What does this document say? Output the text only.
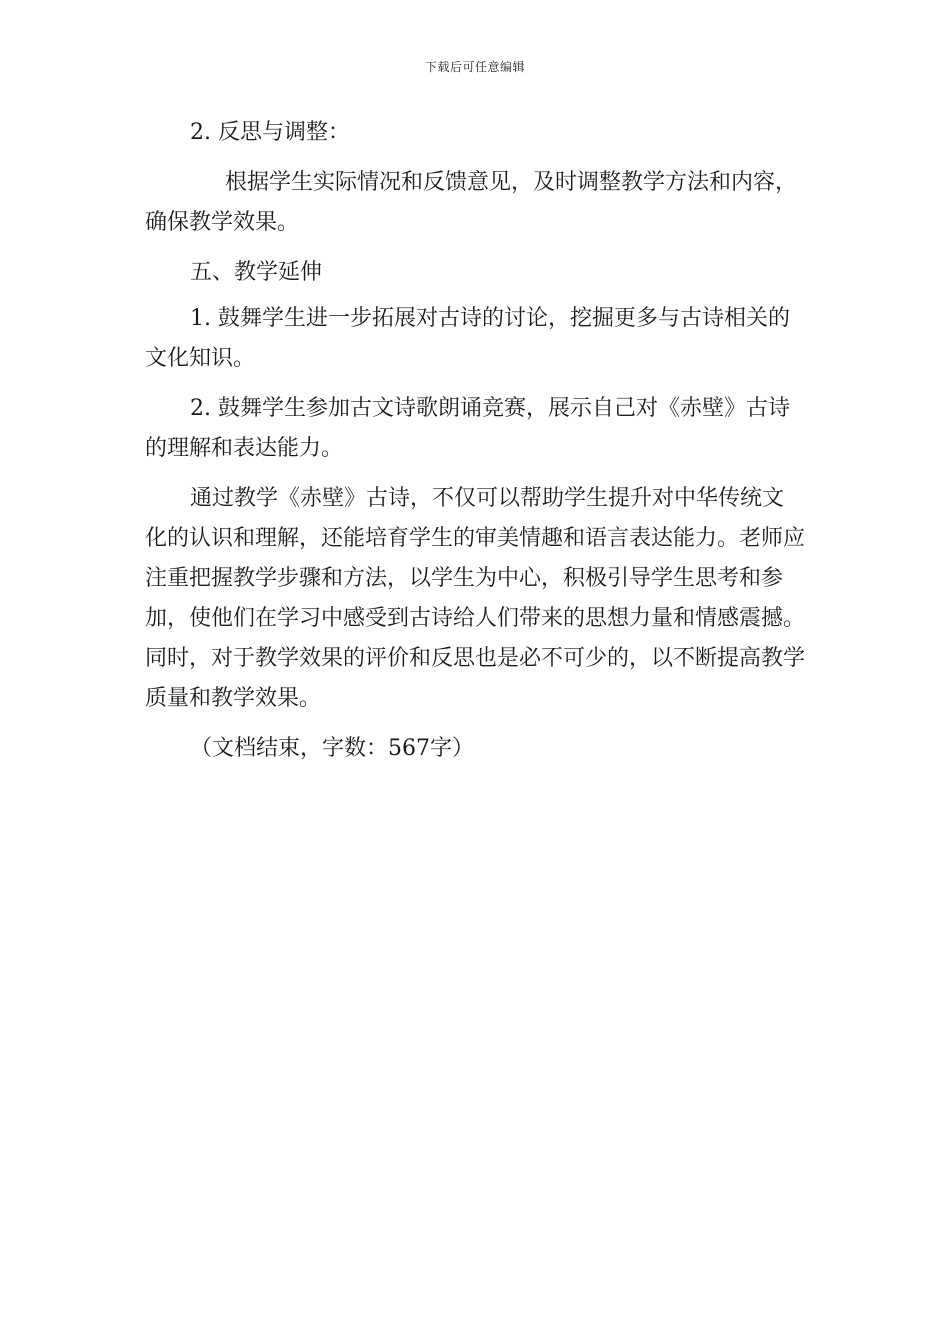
下载后可任意编辑

2. 反思与调整：

根据学生实际情况和反馈意见，及时调整教学方法和内容，确保教学效果。

五、教学延伸

1. 鼓舞学生进一步拓展对古诗的讨论，挖掘更多与古诗相关的文化知识。

2. 鼓舞学生参加古文诗歌朗诵竞赛，展示自己对《赤壁》古诗的理解和表达能力。

通过教学《赤壁》古诗，不仅可以帮助学生提升对中华传统文化的认识和理解，还能培育学生的审美情趣和语言表达能力。老师应注重把握教学步骤和方法，以学生为中心，积极引导学生思考和参加，使他们在学习中感受到古诗给人们带来的思想力量和情感震撼。同时，对于教学效果的评价和反思也是必不可少的，以不断提高教学质量和教学效果。

（文档结束，字数：567字）
